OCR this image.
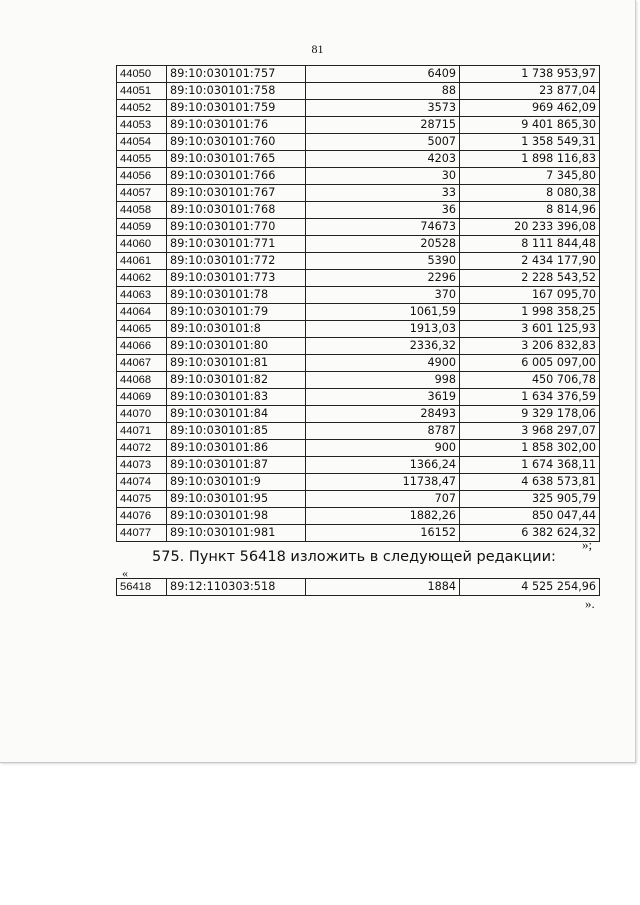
81
44050	89:10:030101:757	6409	1 738 953,97
44051	89:10:030101:758	88	23 877,04
44052	89:10:030101:759	3573	969 462,09
44053	89:10:030101:76	28715	9 401 865,30
44054	89:10:030101:760	5007	1 358 549,31
44055	89:10:030101:765	4203	1 898 116,83
44056	89:10:030101:766	30	7 345,80
44057	89:10:030101:767	33	8 080,38
44058	89:10:030101:768	36	8 814,96
44059	89:10:030101:770	74673	20 233 396,08
44060	89:10:030101:771	20528	8 111 844,48
44061	89:10:030101:772	5390	2 434 177,90
44062	89:10:030101:773	2296	2 228 543,52
44063	89:10:030101:78	370	167 095,70
44064	89:10:030101:79	1061,59	1 998 358,25
44065	89:10:030101:8	1913,03	3 601 125,93
44066	89:10:030101:80	2336,32	3 206 832,83
44067	89:10:030101:81	4900	6 005 097,00
44068	89:10:030101:82	998	450 706,78
44069	89:10:030101:83	3619	1 634 376,59
44070	89:10:030101:84	28493	9 329 178,06
44071	89:10:030101:85	8787	3 968 297,07
44072	89:10:030101:86	900	1 858 302,00
44073	89:10:030101:87	1366,24	1 674 368,11
44074	89:10:030101:9	11738,47	4 638 573,81
44075	89:10:030101:95	707	325 905,79
44076	89:10:030101:98	1882,26	850 047,44
44077	89:10:030101:981	16152	6 382 624,32
»;
575. Пункт 56418 изложить в следующей редакции:
«
56418	89:12:110303:518	1884	4 525 254,96
».
